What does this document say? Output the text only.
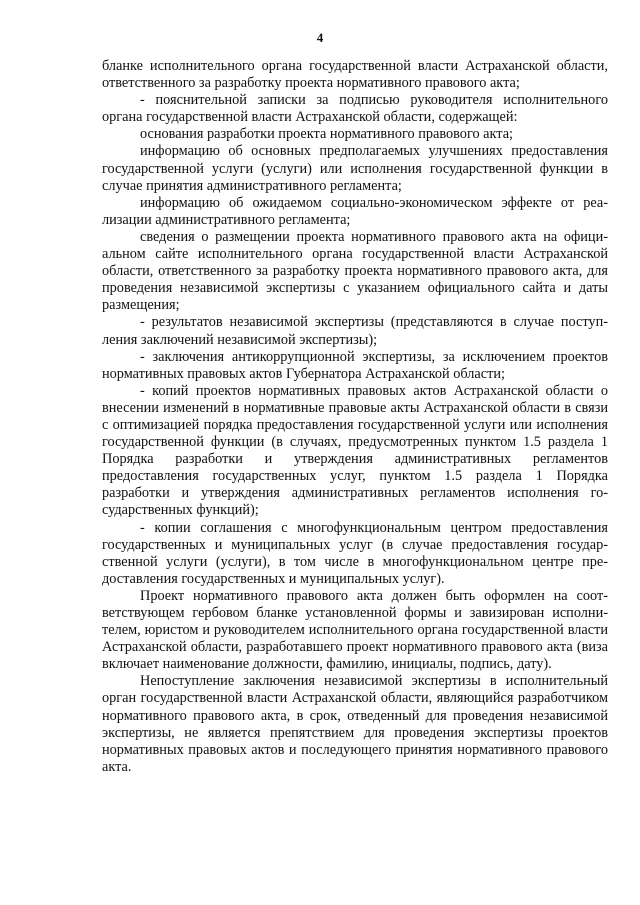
4

бланке исполнительного органа государственной власти Астраханской области, ответственного за разработку проекта нормативного правового акта;

- пояснительной записки за подписью руководителя исполнительного органа государственной власти Астраханской области, содержащей:

основания разработки проекта нормативного правового акта;

информацию об основных предполагаемых улучшениях предоставления государственной услуги (услуги) или исполнения государственной функции в случае принятия административного регламента;

информацию об ожидаемом социально-экономическом эффекте от реализации административного регламента;

сведения о размещении проекта нормативного правового акта на официальном сайте исполнительного органа государственной власти Астраханской области, ответственного за разработку проекта нормативного правового акта, для проведения независимой экспертизы с указанием официального сайта и даты размещения;

- результатов независимой экспертизы (представляются в случае поступления заключений независимой экспертизы);

- заключения антикоррупционной экспертизы, за исключением проектов нормативных правовых актов Губернатора Астраханской области;

- копий проектов нормативных правовых актов Астраханской области о внесении изменений в нормативные правовые акты Астраханской области в связи с оптимизацией порядка предоставления государственной услуги или исполнения государственной функции (в случаях, предусмотренных пунктом 1.5 раздела 1 Порядка разработки и утверждения административных регламентов предоставления государственных услуг, пунктом 1.5 раздела 1 Порядка разработки и утверждения административных регламентов исполнения государственных функций);

- копии соглашения с многофункциональным центром предоставления государственных и муниципальных услуг (в случае предоставления государственной услуги (услуги), в том числе в многофункциональном центре предоставления государственных и муниципальных услуг).

Проект нормативного правового акта должен быть оформлен на соответствующем гербовом бланке установленной формы и завизирован исполнителем, юристом и руководителем исполнительного органа государственной власти Астраханской области, разработавшего проект нормативного правового акта (виза включает наименование должности, фамилию, инициалы, подпись, дату).

Непоступление заключения независимой экспертизы в исполнительный орган государственной власти Астраханской области, являющийся разработчиком нормативного правового акта, в срок, отведенный для проведения независимой экспертизы, не является препятствием для проведения экспертизы проектов нормативных правовых актов и последующего принятия нормативного правового акта.
